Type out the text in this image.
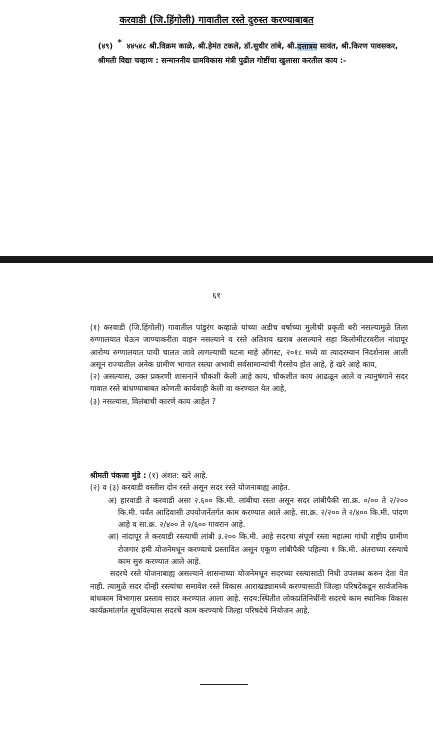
करवाडी (जि.हिंगोली) गावातील रस्ते दुरुस्त करण्याबाबत
(४९) * ४४५४८ श्री.विक्रम काळे, श्री.हेमंत टकले, डॉ.सुधीर तांबे, श्री.दत्तात्रय सावंत, श्री.किरण पावसकर, श्रीमती विद्या चव्हाण : सन्माननीय ग्रामविकास मंत्री पुढील गोष्टींचा खुलासा करतील काय :-
६१

(१) करवाडी (जि.हिंगोली) गावातील पांडुरंग कव्हाळे यांच्या अडीच वर्षाच्या मुलीची प्रकृती बरी नसल्यामुळे तिला रुग्णालयात घेऊन जाण्याकरीता वाहन नसल्याने व रस्ते अतिशय खराब असल्याने सहा किलोमीटरवरील नांदापूर आरोग्य रुग्णालयात पायी चालत जावे लागल्याची घटना माहे ऑगस्ट, २०१८ मध्ये वा त्यादरम्यान निदर्शनास आली असून राज्यातील अनेक ग्रामीण भागात रस्त्या अभावी सर्वसामान्यांची गैरसोय होत आहे, हे खरे आहे काय,

(२) असल्यास, उक्त प्रकरणी शासनाने चौकशी केली आहे काय, चौकशीत काय आढळून आले व त्यानुषंगाने सदर गावात रस्ते बांधण्याबाबत कोणती कार्यवाही केली वा करण्यात येत आहे,

(३) नसल्यास, विलंबाची कारणे काय आहेत ?

श्रीमती पंकजा मुंडे : (१) अंशत: खरे आहे.

(२) व (३) करवाडी वस्तीस दोन रस्ते असून सदर रस्ते योजनाबाह्य आहेत.

अ) हारवाडी ते करवाडी असा २.६०० कि.मी. लांबीचा रस्ता असून सदर लांबीपैकी सा.क्र. ०/०० ते २/२०० कि.मी. पर्यंत आदिवासी उपयोजनेंतर्गत काम करण्यात आले आहे. सा.क्र. २/२०० ते २/४०० कि.मी. पांदण आहे व सा.क्र. २/४०० ते २/६०० गावरान आहे.

आ) नांदापूर ते करवाडी रस्त्याची लांबी ३.२०० कि.मी. आहे सदरचा संपूर्ण रस्ता महात्मा गांधी राष्ट्रीय ग्रामीण रोजगार हमी योजनेमधून करण्याचे प्रस्तावित असून एकूण लांबीपैकी पहिल्या १ कि.मी. अंतराच्या रस्त्याचे काम सुरु करण्यात आले आहे.

सदरचे रस्ते योजनाबाह्य असल्याने शासनाच्या योजनेमधून सदरच्या रस्त्यासाठी निधी उपलब्ध करुन देता येत नाही. त्यामुळे सदर दोन्ही रस्त्यांचा समावेश रस्ते विकास आराखड्यामध्ये करण्यासाठी जिल्हा परिषदेकडून सार्वजनिक बांधकाम विभागास प्रस्ताव सादर करण्यात आला आहे. सदय:स्थितीत लोकप्रतिनिधींनी सदरचे काम स्थानिक विकास कार्यक्रमांतर्गत सूचविल्यास सदरचे काम करण्याचे जिल्हा परिषदेचे नियोजन आहे.
